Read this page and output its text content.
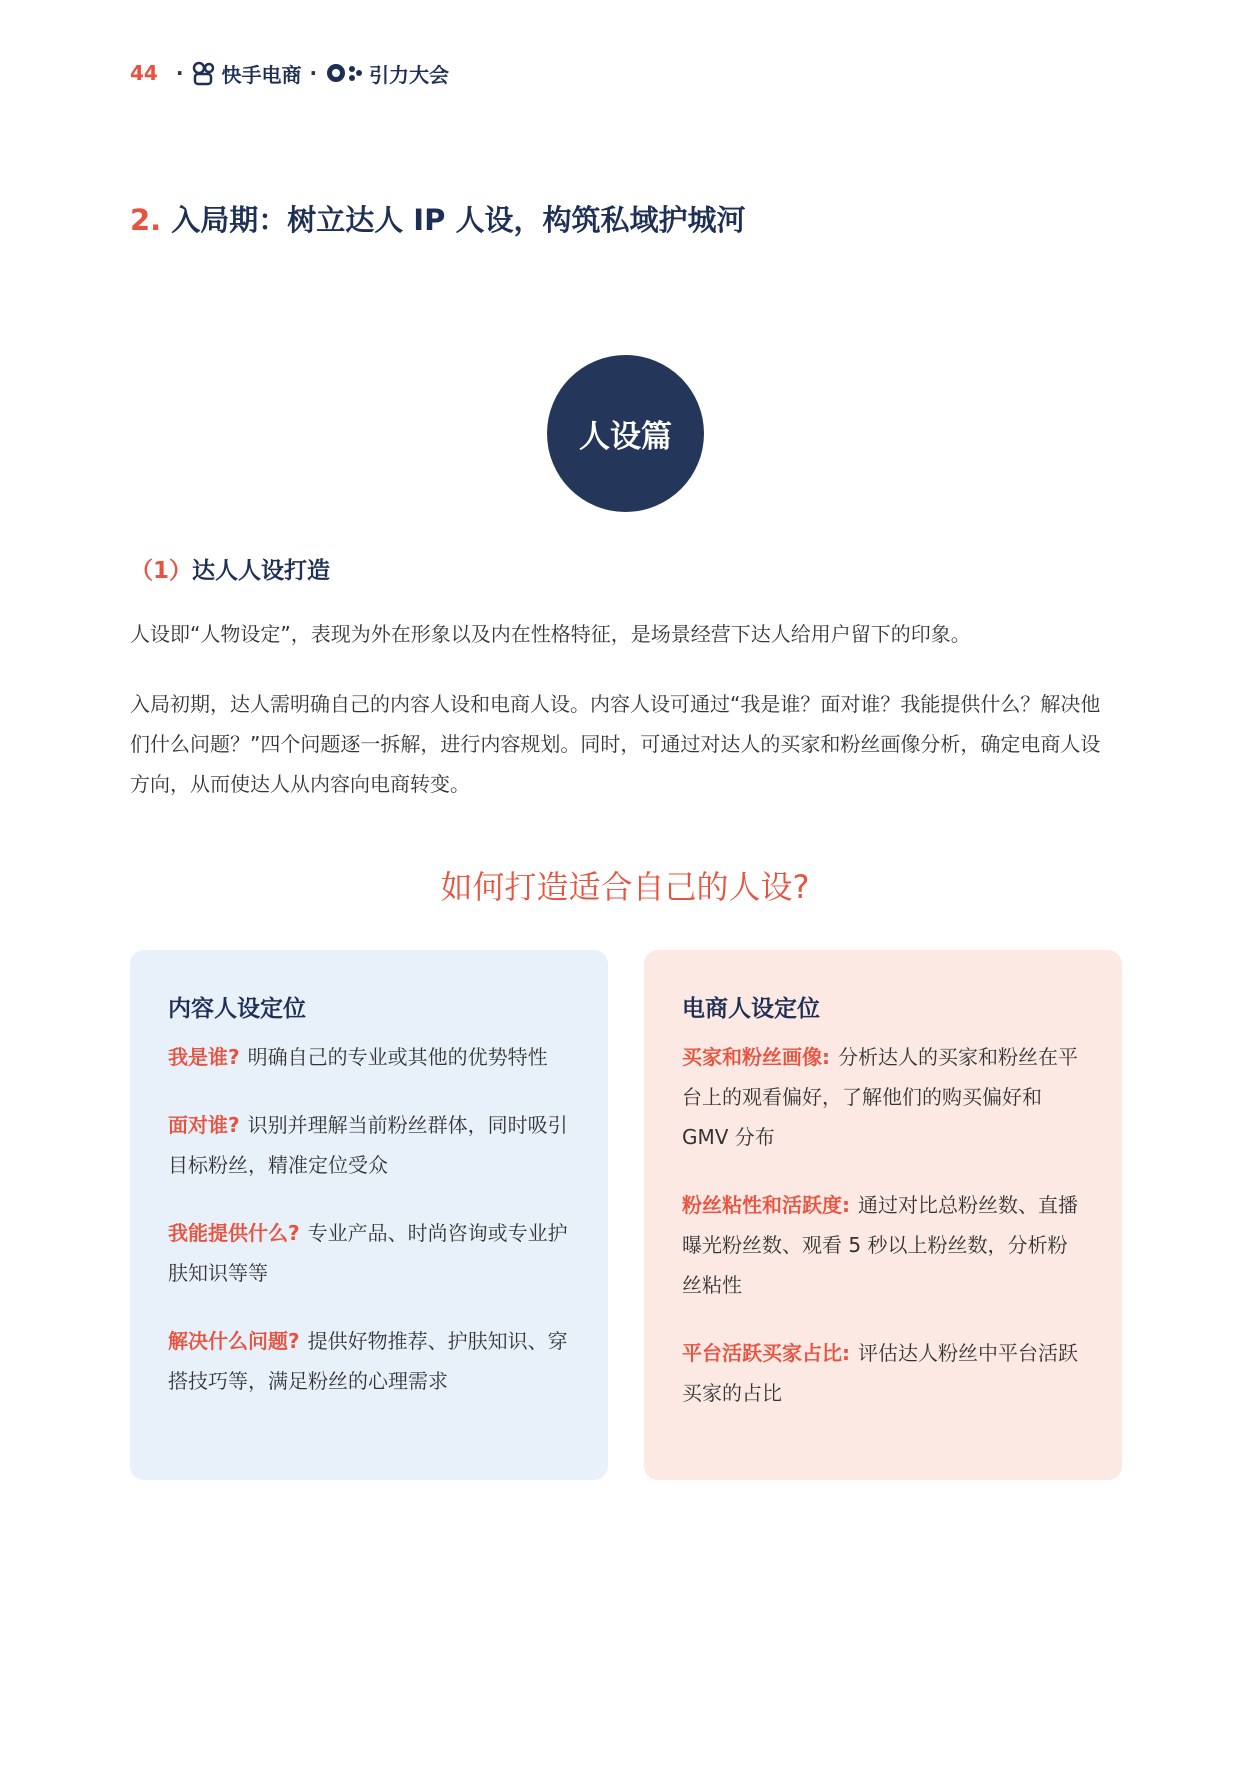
44 · 快手电商 ·	引力大会
2. 入局期：树立达人 IP 人设，构筑私域护城河
人设篇
（1）达人人设打造

人设即“人物设定”，表现为外在形象以及内在性格特征，是场景经营下达人给用户留下的印象。

入局初期，达人需明确自己的内容人设和电商人设。内容人设可通过“我是谁？面对谁？我能提供什么？解决他们什么问题？”四个问题逐一拆解，进行内容规划。同时，可通过对达人的买家和粉丝画像分析，确定电商人设方向，从而使达人从内容向电商转变。

如何打造适合自己的人设?
内容人设定位
我是谁? 明确自己的专业或其他的优势特性
面对谁? 识别并理解当前粉丝群体，同时吸引目标粉丝，精准定位受众
我能提供什么? 专业产品、时尚咨询或专业护肤知识等等
解决什么问题? 提供好物推荐、护肤知识、穿搭技巧等，满足粉丝的心理需求
电商人设定位
买家和粉丝画像: 分析达人的买家和粉丝在平台上的观看偏好，了解他们的购买偏好和 GMV 分布
粉丝粘性和活跃度: 通过对比总粉丝数、直播曝光粉丝数、观看 5 秒以上粉丝数，分析粉丝粘性
平台活跃买家占比: 评估达人粉丝中平台活跃买家的占比
